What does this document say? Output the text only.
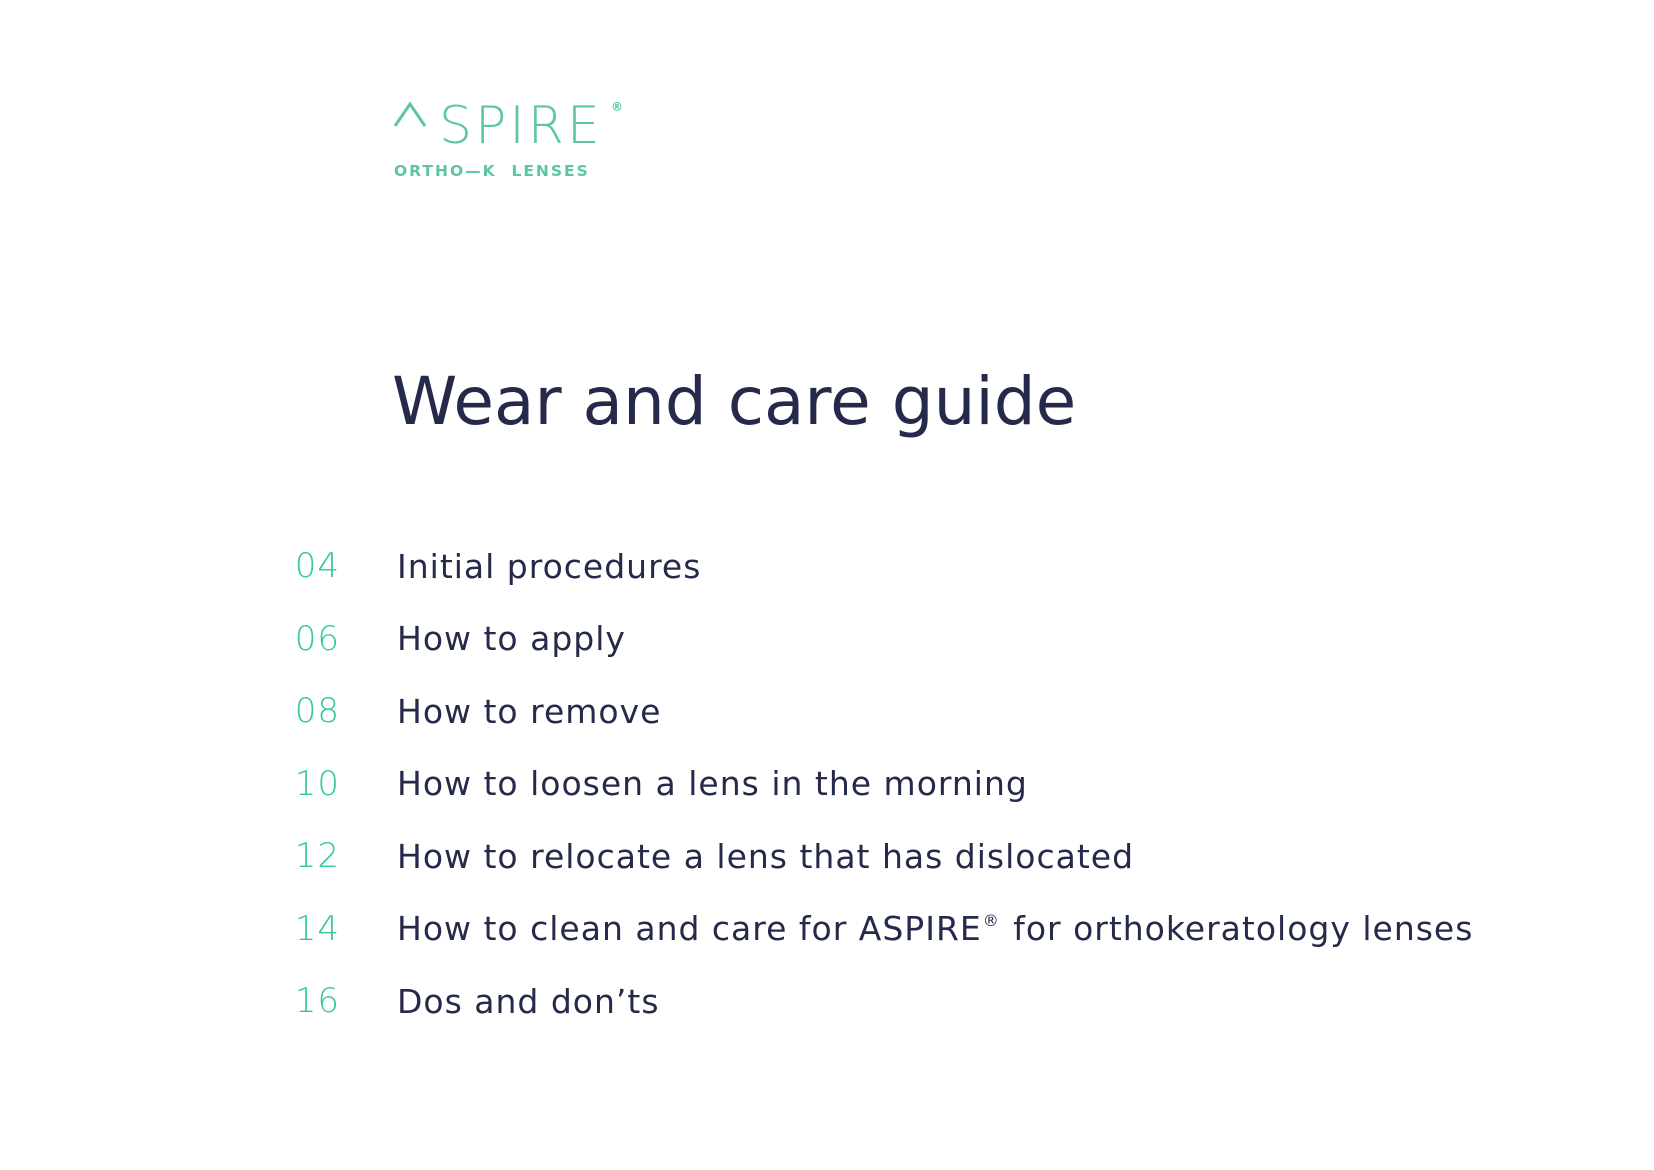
SPIRE ®
ORTHO—K  LENSES
Wear and care guide
04 Initial procedures
06 How to apply
08 How to remove
10 How to loosen a lens in the morning
12 How to relocate a lens that has dislocated
14 How to clean and care for ASPIRE® for orthokeratology lenses
16 Dos and don’ts
